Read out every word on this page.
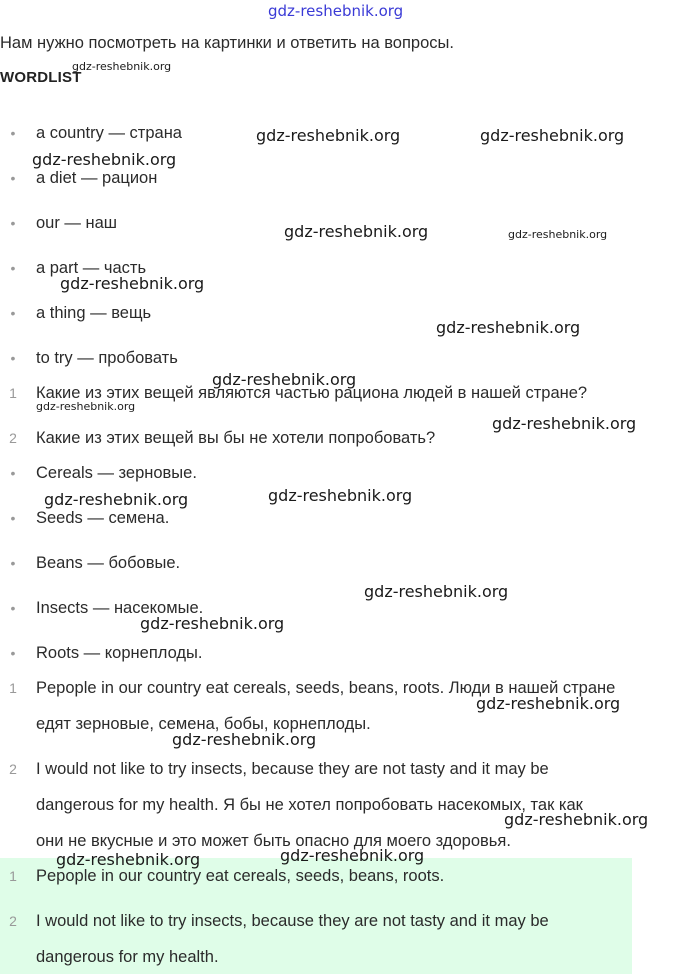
gdz-reshebnik.org
Нам нужно посмотреть на картинки и ответить на вопросы.
WORDLIST
•	a country — страна
•	a diet — рацион
•	our — наш
•	a part — часть
•	a thing — вещь
•	to try — пробовать
1	Какие из этих вещей являются частью рациона людей в нашей стране?
2	Какие из этих вещей вы бы не хотели попробовать?
•	Cereals — зерновые.
•	Seeds — семена.
•	Beans — бобовые.
•	Insects — насекомые.
•	Roots — корнеплоды.
1	Pepople in our country eat cereals, seeds, beans, roots. Люди в нашей стране
едят зерновые, семена, бобы, корнеплоды.
2	I would not like to try insects, because they are not tasty and it may be
dangerous for my health. Я бы не хотел попробовать насекомых, так как
они не вкусные и это может быть опасно для моего здоровья.
1	Pepople in our country eat cereals, seeds, beans, roots.
2	I would not like to try insects, because they are not tasty and it may be
dangerous for my health.
gdz-reshebnik.org
gdz-reshebnik.org	gdz-reshebnik.org
gdz-reshebnik.org
gdz-reshebnik.org	gdz-reshebnik.org
gdz-reshebnik.org
gdz-reshebnik.org
gdz-reshebnik.org
gdz-reshebnik.org
gdz-reshebnik.org
gdz-reshebnik.org
gdz-reshebnik.org
gdz-reshebnik.org
gdz-reshebnik.org
gdz-reshebnik.org
gdz-reshebnik.org
gdz-reshebnik.org
gdz-reshebnik.org
gdz-reshebnik.org
